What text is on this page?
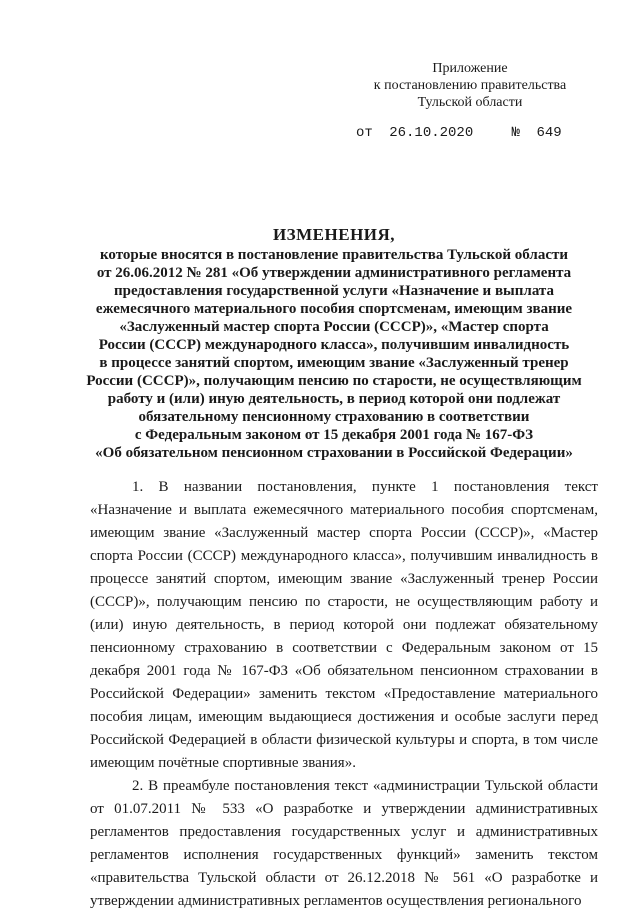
Приложение
к постановлению правительства
Тульской области
от 26.10.2020	№ 649
ИЗМЕНЕНИЯ,
которые вносятся в постановление правительства Тульской области
от 26.06.2012 № 281 «Об утверждении административного регламента
предоставления государственной услуги «Назначение и выплата
ежемесячного материального пособия спортсменам, имеющим звание
«Заслуженный мастер спорта России (СССР)», «Мастер спорта
России (СССР) международного класса», получившим инвалидность
в процессе занятий спортом, имеющим звание «Заслуженный тренер
России (СССР)», получающим пенсию по старости, не осуществляющим
работу и (или) иную деятельность, в период которой они подлежат
обязательному пенсионному страхованию в соответствии
с Федеральным законом от 15 декабря 2001 года № 167-ФЗ
«Об обязательном пенсионном страховании в Российской Федерации»

1. В названии постановления, пункте 1 постановления текст «Назначение и выплата ежемесячного материального пособия спортсменам, имеющим звание «Заслуженный мастер спорта России (СССР)», «Мастер спорта России (СССР) международного класса», получившим инвалидность в процессе занятий спортом, имеющим звание «Заслуженный тренер России (СССР)», получающим пенсию по старости, не осуществляющим работу и (или) иную деятельность, в период которой они подлежат обязательному пенсионному страхованию в соответствии с Федеральным законом от 15 декабря 2001 года № 167-ФЗ «Об обязательном пенсионном страховании в Российской Федерации» заменить текстом «Предоставление материального пособия лицам, имеющим выдающиеся достижения и особые заслуги перед Российской Федерацией в области физической культуры и спорта, в том числе имеющим почётные спортивные звания».

2. В преамбуле постановления текст «администрации Тульской области от 01.07.2011 № 533 «О разработке и утверждении административных регламентов предоставления государственных услуг и административных регламентов исполнения государственных функций» заменить текстом «правительства Тульской области от 26.12.2018 № 561 «О разработке и утверждении административных регламентов осуществления регионального
